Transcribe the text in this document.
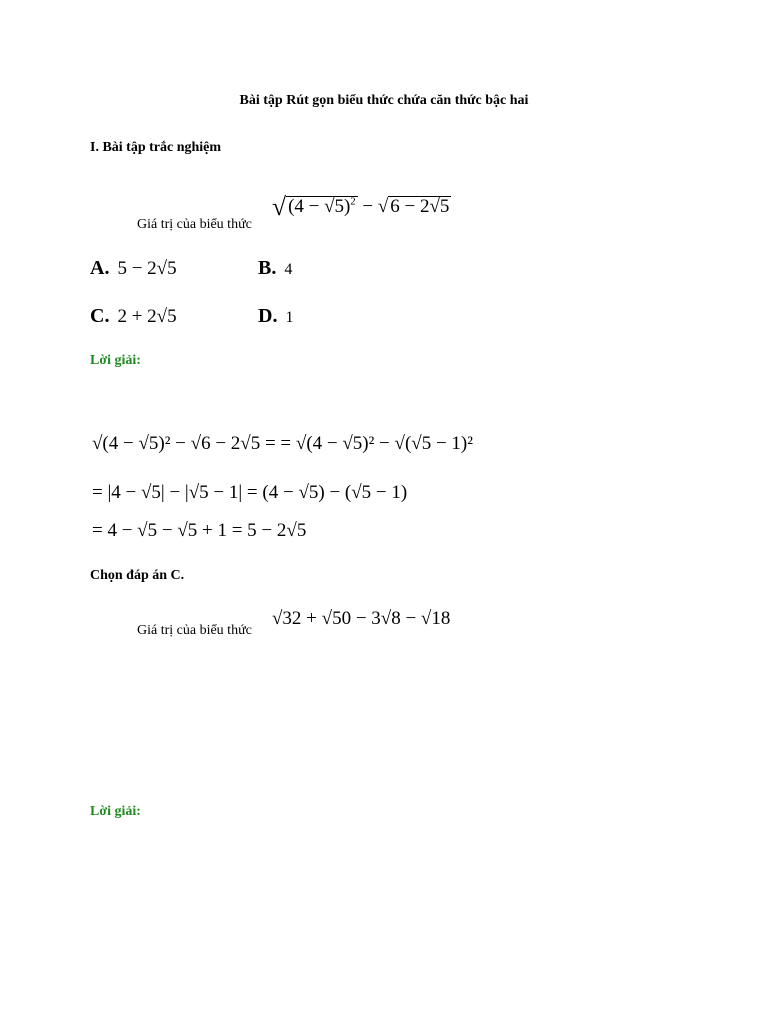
Bài tập Rút gọn biểu thức chứa căn thức bậc hai
I. Bài tập trắc nghiệm
Giá trị của biểu thức
√ $(4 - √5)^2$ − √ 6 − 2√5
A. 5 − 2√5	B. 4
C. 2 + 2√5	D. 1
Lời giải:
√(4 − √5)² − √6 − 2√5 = = √(4 − √5)² − √(√5 − 1)²
= |4 − √5| − |√5 − 1| = (4 − √5) − (√5 − 1)
= 4 − √5 − √5 + 1 = 5 − 2√5
Chọn đáp án C.
Giá trị của biểu thức
√32 + √50 − 3√8 − √18
Lời giải:
